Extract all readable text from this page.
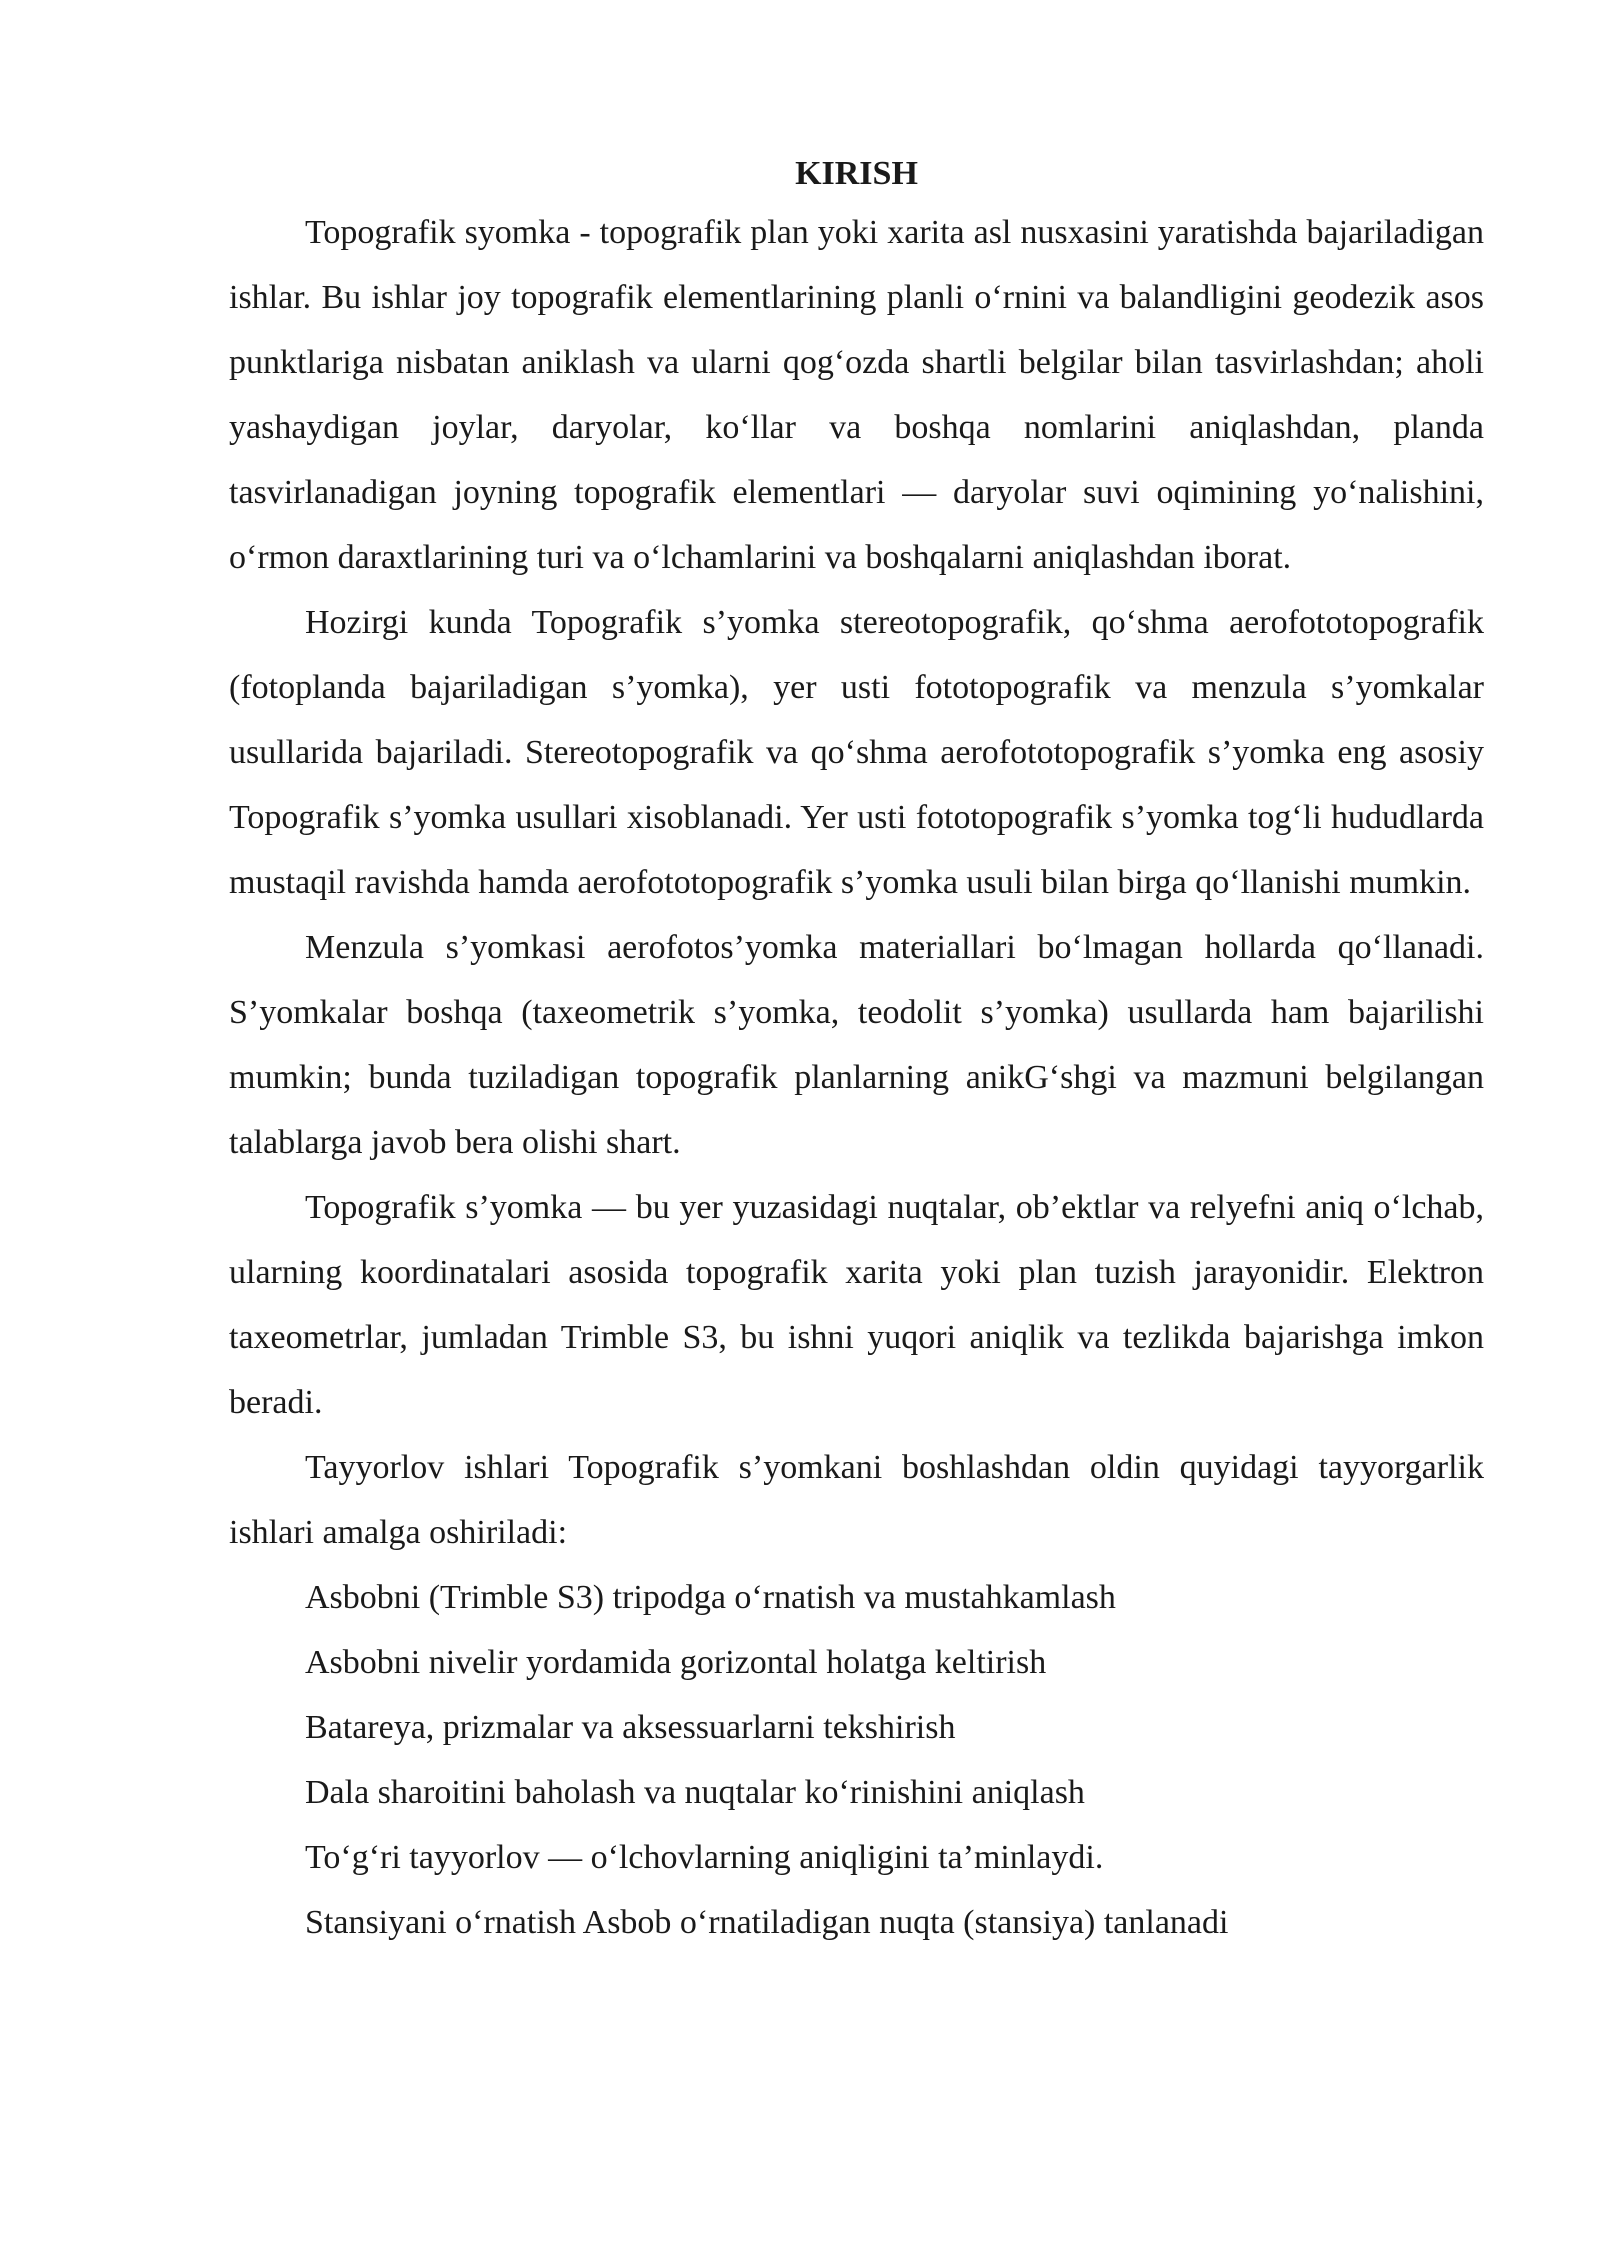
KIRISH

Topografik syomka - topografik plan yoki xarita asl nusxasini yaratishda bajariladigan ishlar. Bu ishlar joy topografik elementlarining planli o‘rnini va balandligini geodezik asos punktlariga nisbatan aniklash va ularni qog‘ozda shartli belgilar bilan tasvirlashdan; aholi yashaydigan joylar, daryolar, ko‘llar va boshqa nomlarini aniqlashdan, planda tasvirlanadigan joyning topografik elementlari — daryolar suvi oqimining yo‘nalishini, o‘rmon daraxtlarining turi va o‘lchamlarini va boshqalarni aniqlashdan iborat.

Hozirgi kunda Topografik s’yomka stereotopografik, qo‘shma aerofototopografik (fotoplanda bajariladigan s’yomka), yer usti fototopografik va menzula s’yomkalar usullarida bajariladi. Stereotopografik va qo‘shma aerofototopografik s’yomka eng asosiy Topografik s’yomka usullari xisoblanadi. Yer usti fototopografik s’yomka tog‘li hududlarda mustaqil ravishda hamda aerofototopografik s’yomka usuli bilan birga qo‘llanishi mumkin.

Menzula s’yomkasi aerofotos’yomka materiallari bo‘lmagan hollarda qo‘llanadi. S’yomkalar boshqa (taxeometrik s’yomka, teodolit s’yomka) usullarda ham bajarilishi mumkin; bunda tuziladigan topografik planlarning anikG‘shgi va mazmuni belgilangan talablarga javob bera olishi shart.

Topografik s’yomka — bu yer yuzasidagi nuqtalar, ob’ektlar va relyefni aniq o‘lchab, ularning koordinatalari asosida topografik xarita yoki plan tuzish jarayonidir. Elektron taxeometrlar, jumladan Trimble S3, bu ishni yuqori aniqlik va tezlikda bajarishga imkon beradi.

Tayyorlov ishlari Topografik s’yomkani boshlashdan oldin quyidagi tayyorgarlik ishlari amalga oshiriladi:

Asbobni (Trimble S3) tripodga o‘rnatish va mustahkamlash

Asbobni nivelir yordamida gorizontal holatga keltirish

Batareya, prizmalar va aksessuarlarni tekshirish

Dala sharoitini baholash va nuqtalar ko‘rinishini aniqlash

To‘g‘ri tayyorlov — o‘lchovlarning aniqligini ta’minlaydi.

Stansiyani o‘rnatish Asbob o‘rnatiladigan nuqta (stansiya) tanlanadi
